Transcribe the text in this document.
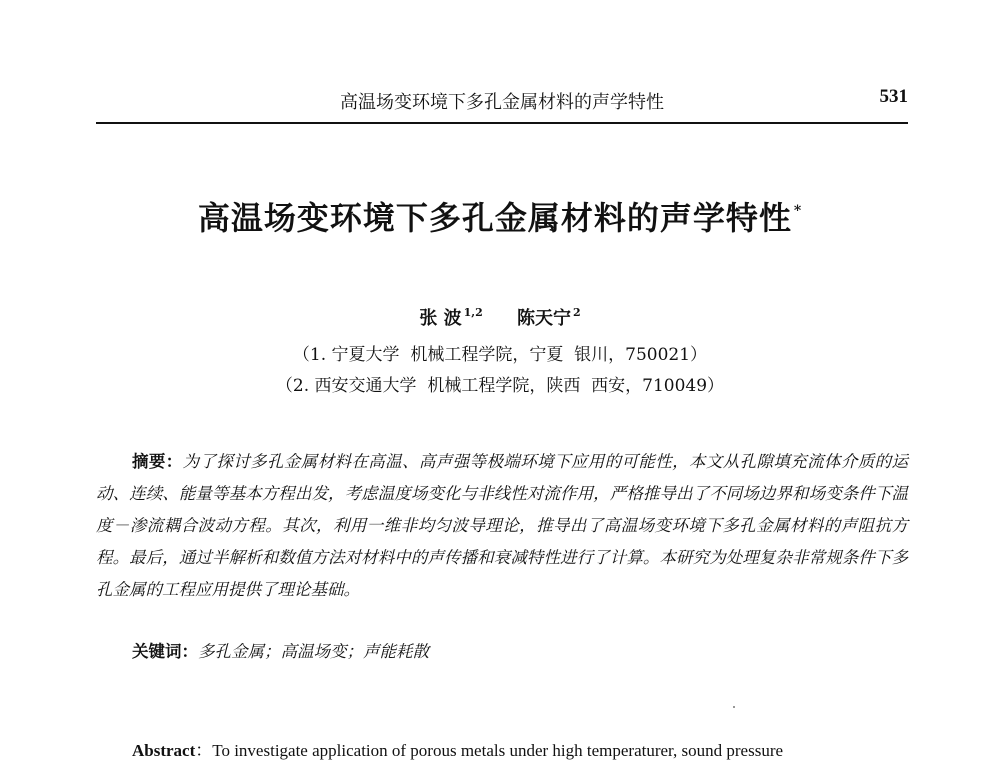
高温场变环境下多孔金属材料的声学特性	531
高温场变环境下多孔金属材料的声学特性 *
张 波 $^{1,2}$ 陈天宁 $^2$
（1. 宁夏大学  机械工程学院，宁夏  银川，750021）
（2. 西安交通大学  机械工程学院，陕西  西安，710049）
摘要：为了探讨多孔金属材料在高温、高声强等极端环境下应用的可能性，本文从孔隙填充流体介质的运动、连续、能量等基本方程出发，考虑温度场变化与非线性对流作用，严格推导出了不同场边界和场变条件下温度－渗流耦合波动方程。其次，利用一维非均匀波导理论，推导出了高温场变环境下多孔金属材料的声阻抗方程。最后，通过半解析和数值方法对材料中的声传播和衰减特性进行了计算。本研究为处理复杂非常规条件下多孔金属的工程应用提供了理论基础。
关键词：多孔金属；高温场变；声能耗散
Abstract：To investigate application of porous metals under high temperaturer, sound pressure
